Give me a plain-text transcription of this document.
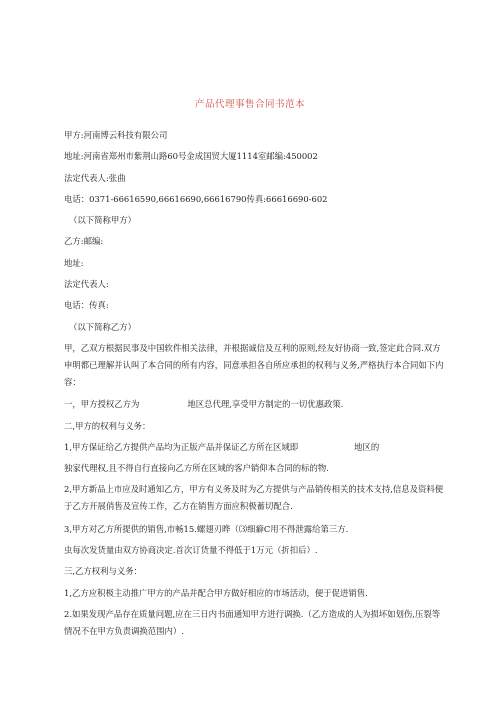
产品代理事售合同书范本

甲方:河南博云科技有限公司

地址:河南省郑州市紫荆山路60号金成国贸大厦1114室邮编:450002

法定代表人:张曲

电话：0371-66616590,66616690,66616790传真:66616690-602

（以下简称甲方）

乙方:邮编:

地址:

法定代表人:

电话：传真:

（以下简称乙方）

甲，乙双方根据民事及中国软件相关法律，并根据诚信及互利的原则,经友好协商一致,签定此合同.双方申明都已理解并认叫了本合同的所有内容，同意承担各自所应承担的权利与义务,严格执行本合同如下内容：

一，甲方授权乙方为	地区总代理,享受甲方制定的一切优惠政策.

二,甲方的权利与义务：

1,甲方保证给乙方提供产品均为正版产品并保证乙方所在区域即	地区的

独家代理权,且不得自行直接向乙方所在区域的客户销仰本合同的标的物.

2,甲方新品上市应及时通知乙方，甲方有义务及时为乙方提供与产品销传相关的技术支持,信息及资料便于乙方开展俏售及宣传工作，乙方在销售方面应积极蓄切配合.

3,甲方对乙方所提供的销售,市畅15.螺翅刃晔（⑶细癖C用不得泄露给第三方.

虫每次发货量由双方协商决定.首次订货量不得低于1万元（折扣后）.

三,乙方权利与义务：

1,乙方应积极主动推广甲方的产品并配合甲方做好相应的市场活动，便于促进销售.

2.如果发现产品存在质量问题,应在三日内书面通知甲方进行调换.（乙方造成的人为损坏如划伤,压裂等情况不在甲方负责调换范围内）.
